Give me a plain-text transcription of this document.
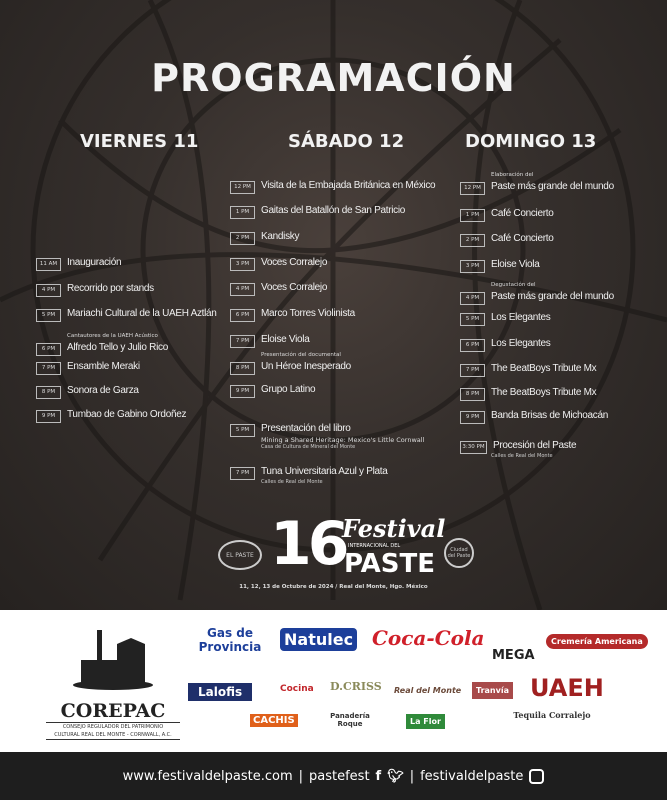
PROGRAMACIÓN
VIERNES 11
11 AM Inauguración
4 PM	Recorrido por stands
5 PM	Mariachi Cultural de la UAEH Aztlán
6 PM	Alfredo Tello y Julio Rico
Cantautores de la UAEH Acústico
7 PM	Ensamble Meraki
8 PM	Sonora de Garza
9 PM	Tumbao de Gabino Ordoñez
SÁBADO 12
12 PM	Visita de la Embajada Británica en México
1 PM	Gaitas del Batallón de San Patricio
2 PM	Kandisky
3 PM	Voces Corralejo
4 PM	Voces Corralejo
6 PM	Marco Torres Violinista
7 PM	Eloise Viola
8 PM	Un Héroe Inesperado
Presentación del documental
9 PM	Grupo Latino
5 PM	Presentación del libro
Mining a Shared Heritage: Mexico's Little Cornwall
Casa de Cultura de Mineral del Monte
7 PM	Tuna Universitaria Azul y Plata
Calles de Real del Monte
DOMINGO 13
12 PM	Paste más grande del mundo
Elaboración del
1 PM	Café Concierto
2 PM	Café Concierto
3 PM	Eloise Viola
4 PM	Paste más grande del mundo
Degustación del
5 PM	Los Elegantes
6 PM	Los Elegantes
7 PM	The BeatBoys Tribute Mx
8 PM	The BeatBoys Tribute Mx
9 PM	Banda Brisas de Michoacán
3:30 PM Procesión del Paste
Calles de Real del Monte
16
Festival
INTERNACIONAL DEL
PASTE
EL PASTE
Ciudad del Paste
11, 12, 13 de Octubre de 2024 / Real del Monte, Hgo. México
COREPAC
CONSEJO REGULADOR DEL PATRIMONIO
CULTURAL REAL DEL MONTE - CORNWALL, A.C.
Gas de Provincia	Natulec Coca-Cola
MEGA
Cremería Americana
Lalofis	Cocina D.CRISS Real del Monte	Tranvía UAEH
CACHIS	Panadería Roque	La Flor
Tequila Corralejo
www.festivaldelpaste.com | pastefest f 🐦︎ | festivaldelpaste
